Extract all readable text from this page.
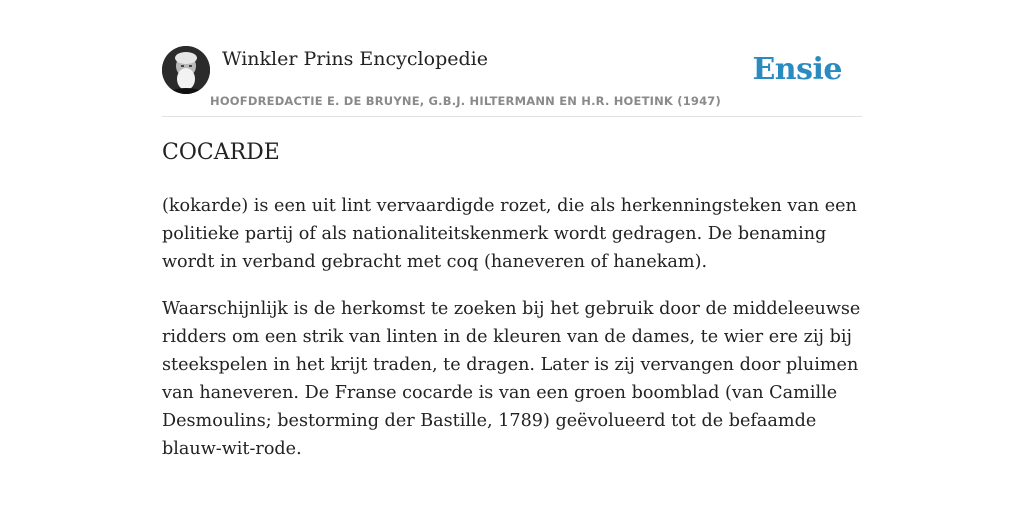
Winkler Prins Encyclopedie
HOOFDREDACTIE E. DE BRUYNE, G.B.J. HILTERMANN EN H.R. HOETINK (1947)
Ensie
COCARDE

(kokarde) is een uit lint vervaardigde rozet, die als herkenningsteken van een politieke partij of als nationaliteitskenmerk wordt gedragen. De benaming wordt in verband gebracht met coq (haneveren of hanekam).

Waarschijnlijk is de herkomst te zoeken bij het gebruik door de middeleeuwse ridders om een strik van linten in de kleuren van de dames, te wier ere zij bij steekspelen in het krijt traden, te dragen. Later is zij vervangen door pluimen van haneveren. De Franse cocarde is van een groen boomblad (van Camille Desmoulins; bestorming der Bastille, 1789) geëvolueerd tot de befaamde blauw-wit-rode.
